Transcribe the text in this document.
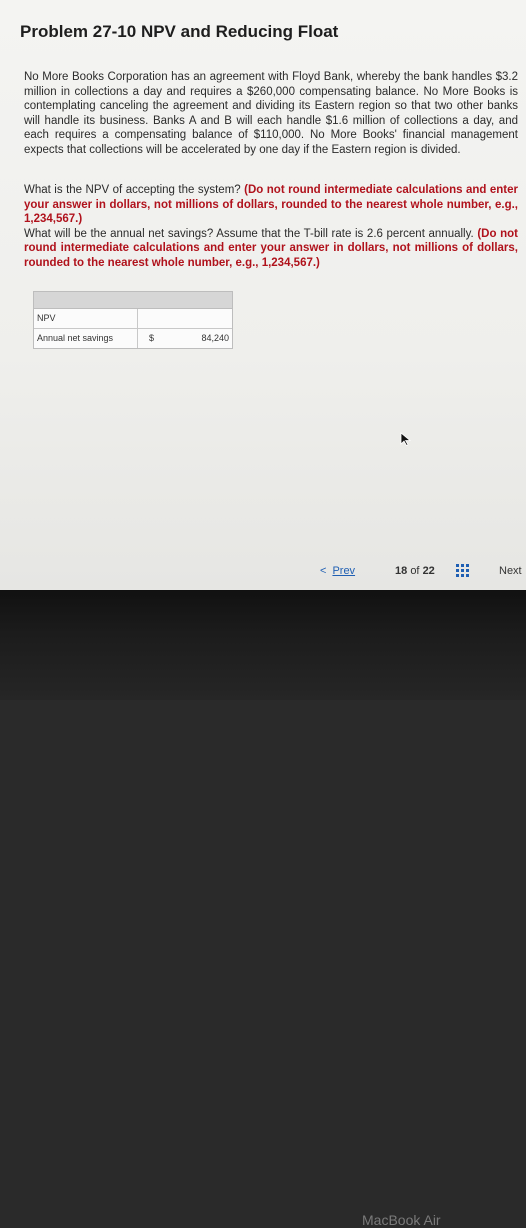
Problem 27-10 NPV and Reducing Float

No More Books Corporation has an agreement with Floyd Bank, whereby the bank handles $3.2 million in collections a day and requires a $260,000 compensating balance. No More Books is contemplating canceling the agreement and dividing its Eastern region so that two other banks will handle its business. Banks A and B will each handle $1.6 million of collections a day, and each requires a compensating balance of $110,000. No More Books' financial management expects that collections will be accelerated by one day if the Eastern region is divided.

What is the NPV of accepting the system? (Do not round intermediate calculations and enter your answer in dollars, not millions of dollars, rounded to the nearest whole number, e.g., 1,234,567.)
What will be the annual net savings? Assume that the T-bill rate is 2.6 percent annually. (Do not round intermediate calculations and enter your answer in dollars, not millions of dollars, rounded to the nearest whole number, e.g., 1,234,567.)

NPV
Annual net savings	$	84,240
< Prev	18 of 22	Next
MacBook Air
